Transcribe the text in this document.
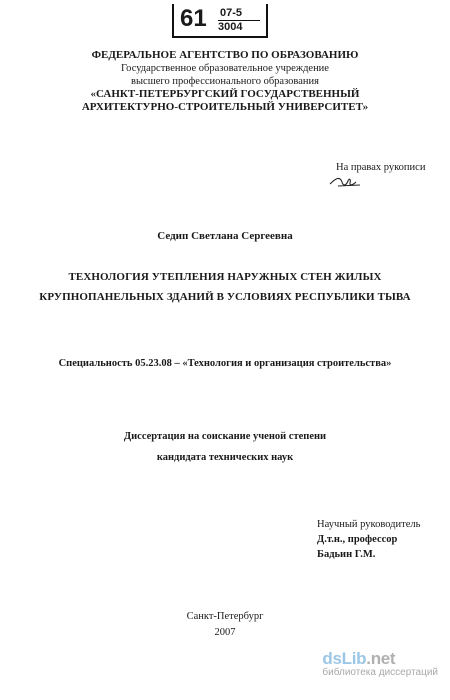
61 07-5
3004
ФЕДЕРАЛЬНОЕ АГЕНТСТВО ПО ОБРАЗОВАНИЮ
Государственное образовательное учреждение
высшего профессионального образования
«САНКТ-ПЕТЕРБУРГСКИЙ ГОСУДАРСТВЕННЫЙ
АРХИТЕКТУРНО-СТРОИТЕЛЬНЫЙ УНИВЕРСИТЕТ»
На правах рукописи
Седип Светлана Сергеевна
ТЕХНОЛОГИЯ УТЕПЛЕНИЯ НАРУЖНЫХ СТЕН ЖИЛЫХ
КРУПНОПАНЕЛЬНЫХ ЗДАНИЙ В УСЛОВИЯХ РЕСПУБЛИКИ ТЫВА
Специальность 05.23.08 – «Технология и организация строительства»
Диссертация на соискание ученой степени
кандидата технических наук
Научный руководитель
Д.т.н., профессор
Бадьин Г.М.
Санкт-Петербург
2007
dsLib.net
библиотека диссертаций
